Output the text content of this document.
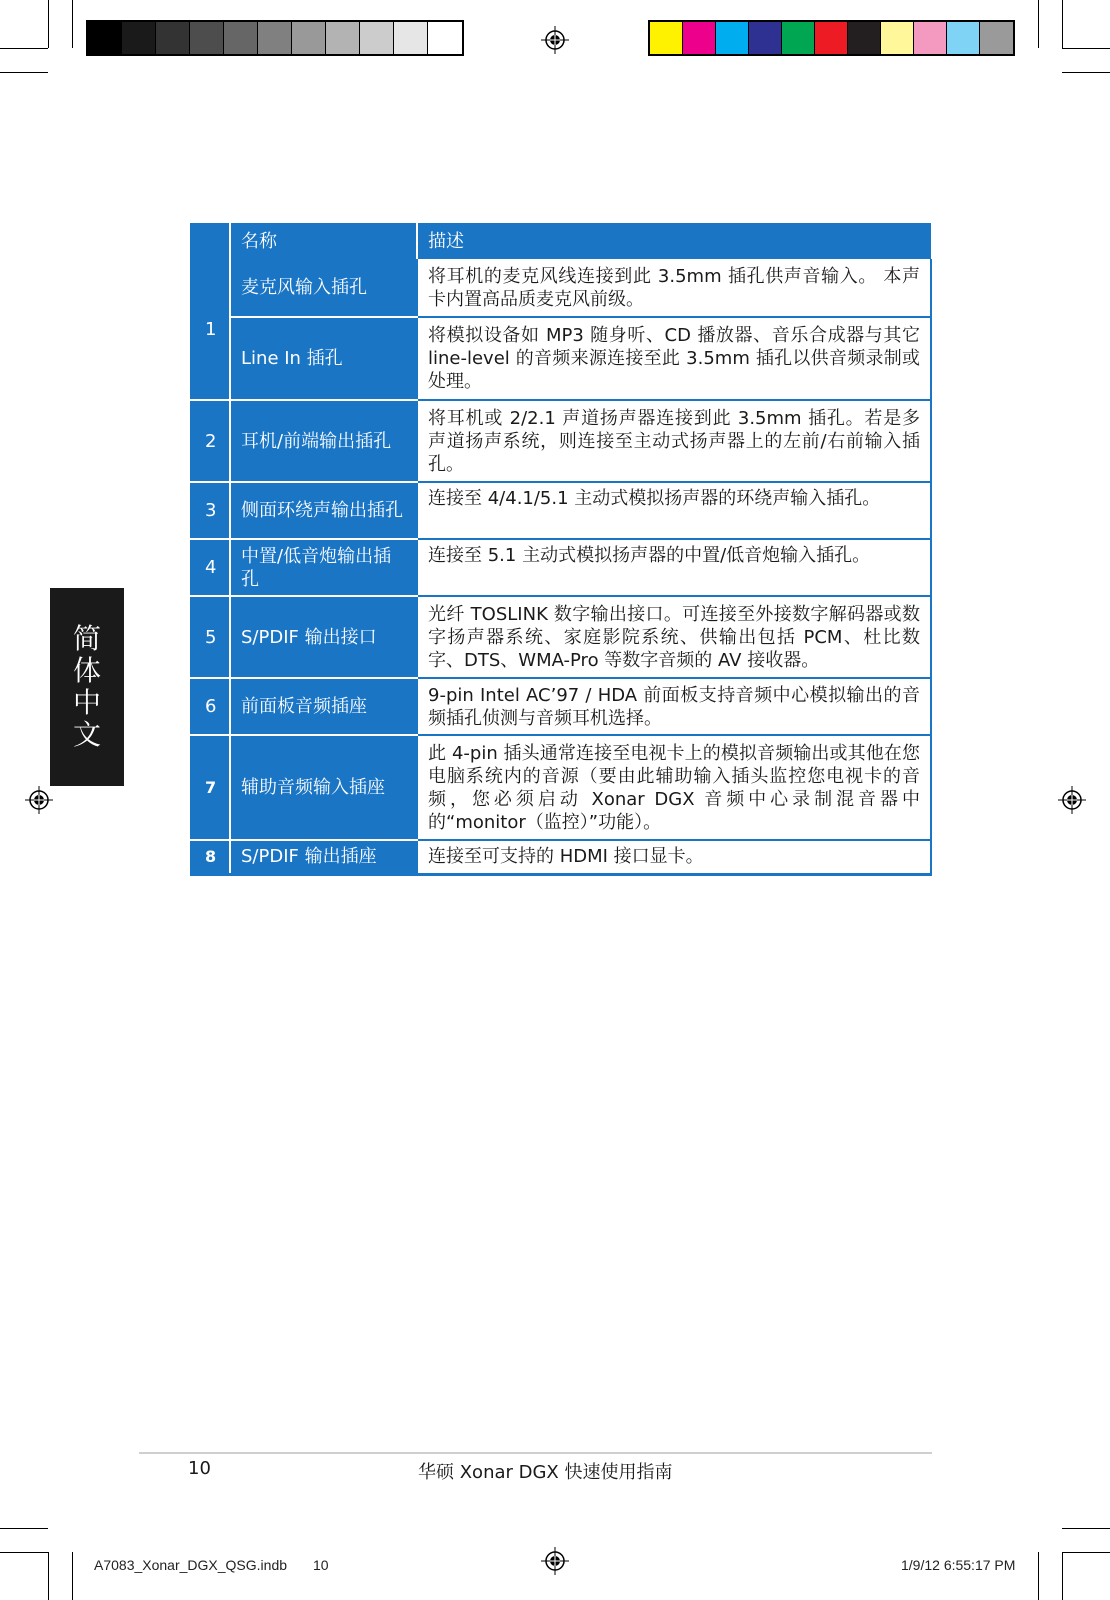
	名称	描述
1	麦克风输入插孔	将耳机的麦克风线连接到此 3.5mm 插孔供声音输入。 本声卡内置高品质麦克风前级。
	Line In 插孔	将模拟设备如 MP3 随身听、CD 播放器、音乐合成器与其它 line-level 的音频来源连接至此 3.5mm 插孔以供音频录制或处理。
2	耳机/前端输出插孔	将耳机或 2/2.1 声道扬声器连接到此 3.5mm 插孔。若是多声道扬声系统，则连接至主动式扬声器上的左前/右前输入插孔。
3	侧面环绕声输出插孔	连接至 4/4.1/5.1 主动式模拟扬声器的环绕声输入插孔。
4	中置/低音炮输出插孔	连接至 5.1 主动式模拟扬声器的中置/低音炮输入插孔。
5	S/PDIF 输出接口	光纤 TOSLINK 数字输出接口。可连接至外接数字解码器或数字扬声器系统、家庭影院系统、供输出包括 PCM、杜比数字、DTS、WMA-Pro 等数字音频的 AV 接收器。
6	前面板音频插座	9-pin Intel AC’97 / HDA 前面板支持音频中心模拟输出的音频插孔侦测与音频耳机选择。
7	辅助音频输入插座	此 4-pin 插头通常连接至电视卡上的模拟音频输出或其他在您电脑系统内的音源（要由此辅助输入插头监控您电视卡的音频，您必须启动 Xonar DGX 音频中心录制混音器中的“monitor（监控）”功能）。
8	S/PDIF 输出插座	连接至可支持的 HDMI 接口显卡。
简
体
中
文
10	华硕 Xonar DGX 快速使用指南
A7083_Xonar_DGX_QSG.indb 10	1/9/12 6:55:17 PM
